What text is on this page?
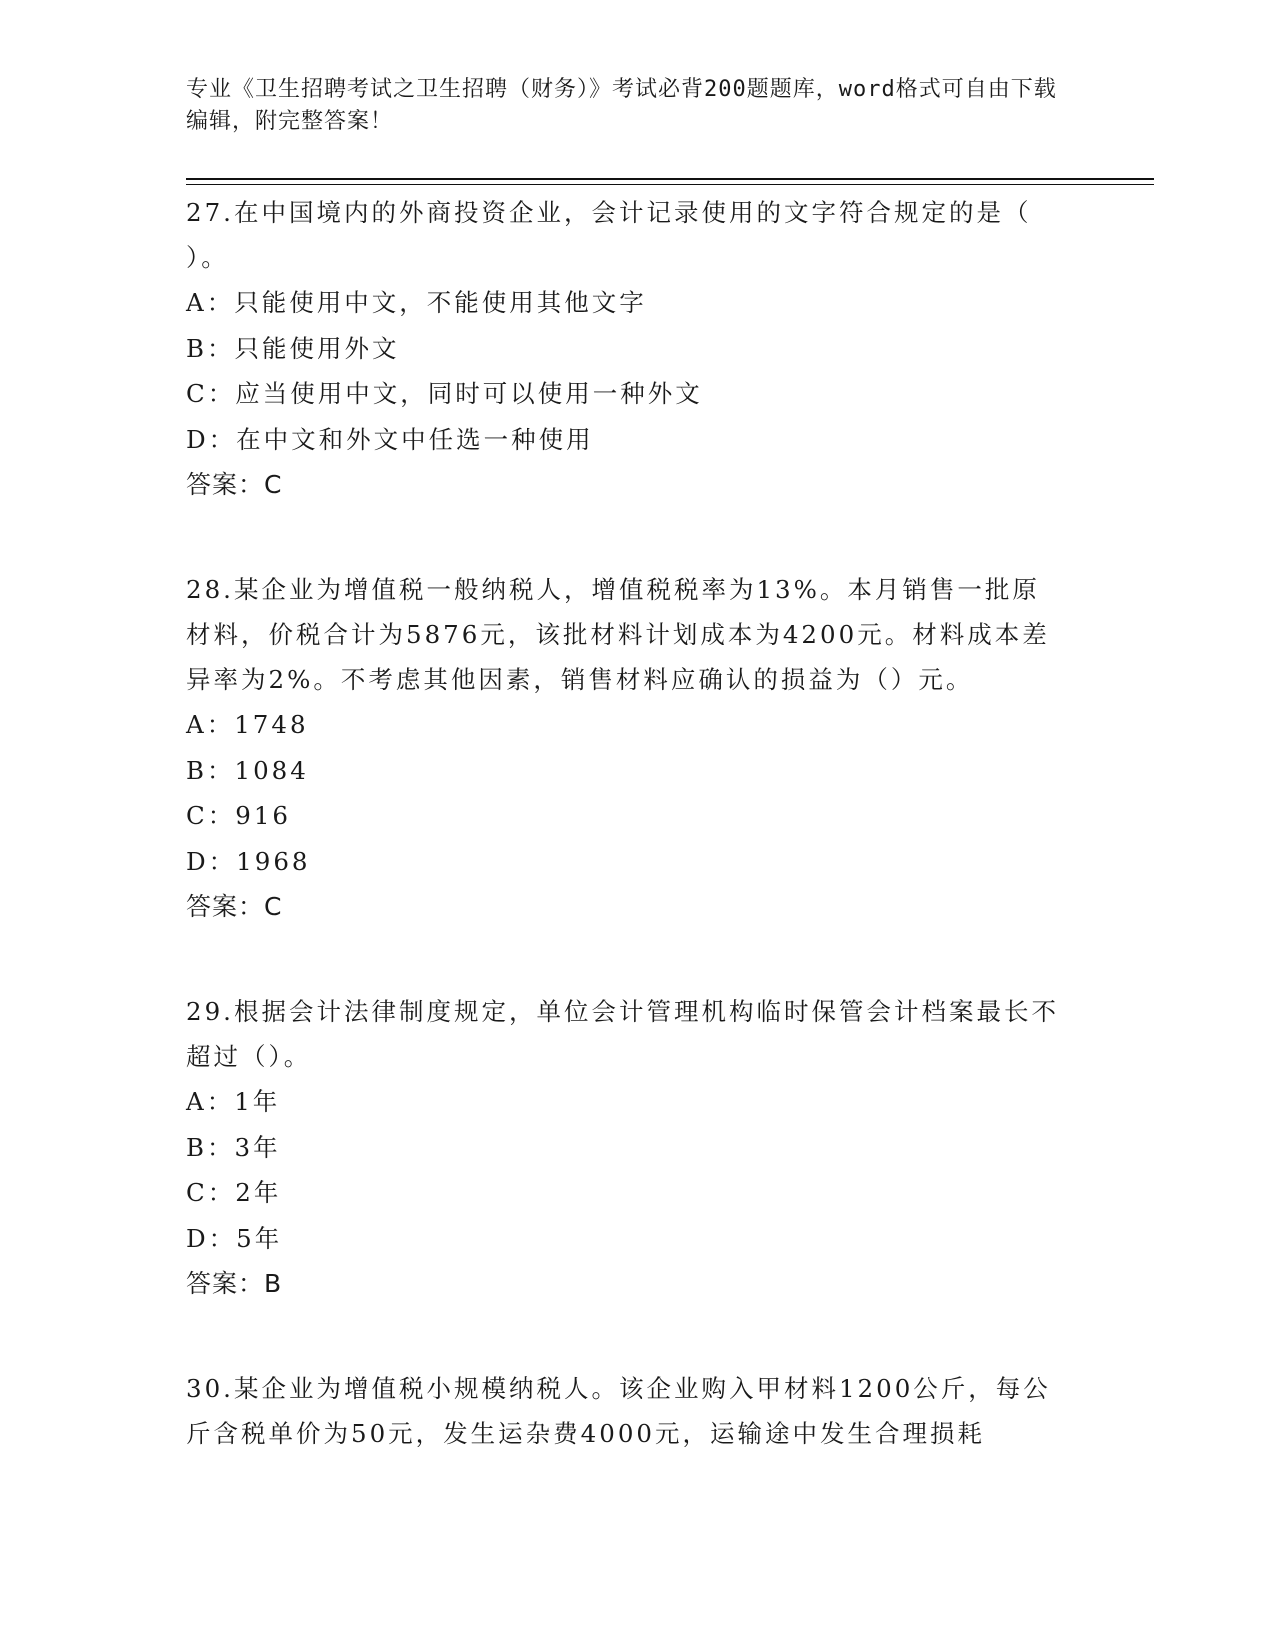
专业《卫生招聘考试之卫生招聘（财务）》考试必背200题题库，word格式可自由下载编辑，附完整答案！
27.在中国境内的外商投资企业，会计记录使用的文字符合规定的是（ ）。
A：只能使用中文，不能使用其他文字
B：只能使用外文
C：应当使用中文，同时可以使用一种外文
D：在中文和外文中任选一种使用
答案：C
28.某企业为增值税一般纳税人，增值税税率为13%。本月销售一批原材料，价税合计为5876元，该批材料计划成本为4200元。材料成本差异率为2%。不考虑其他因素，销售材料应确认的损益为（）元。
A：1748
B：1084
C：916
D：1968
答案：C
29.根据会计法律制度规定，单位会计管理机构临时保管会计档案最长不超过（）。
A：1年
B：3年
C：2年
D：5年
答案：B
30.某企业为增值税小规模纳税人。该企业购入甲材料1200公斤，每公斤含税单价为50元，发生运杂费4000元，运输途中发生合理损耗
